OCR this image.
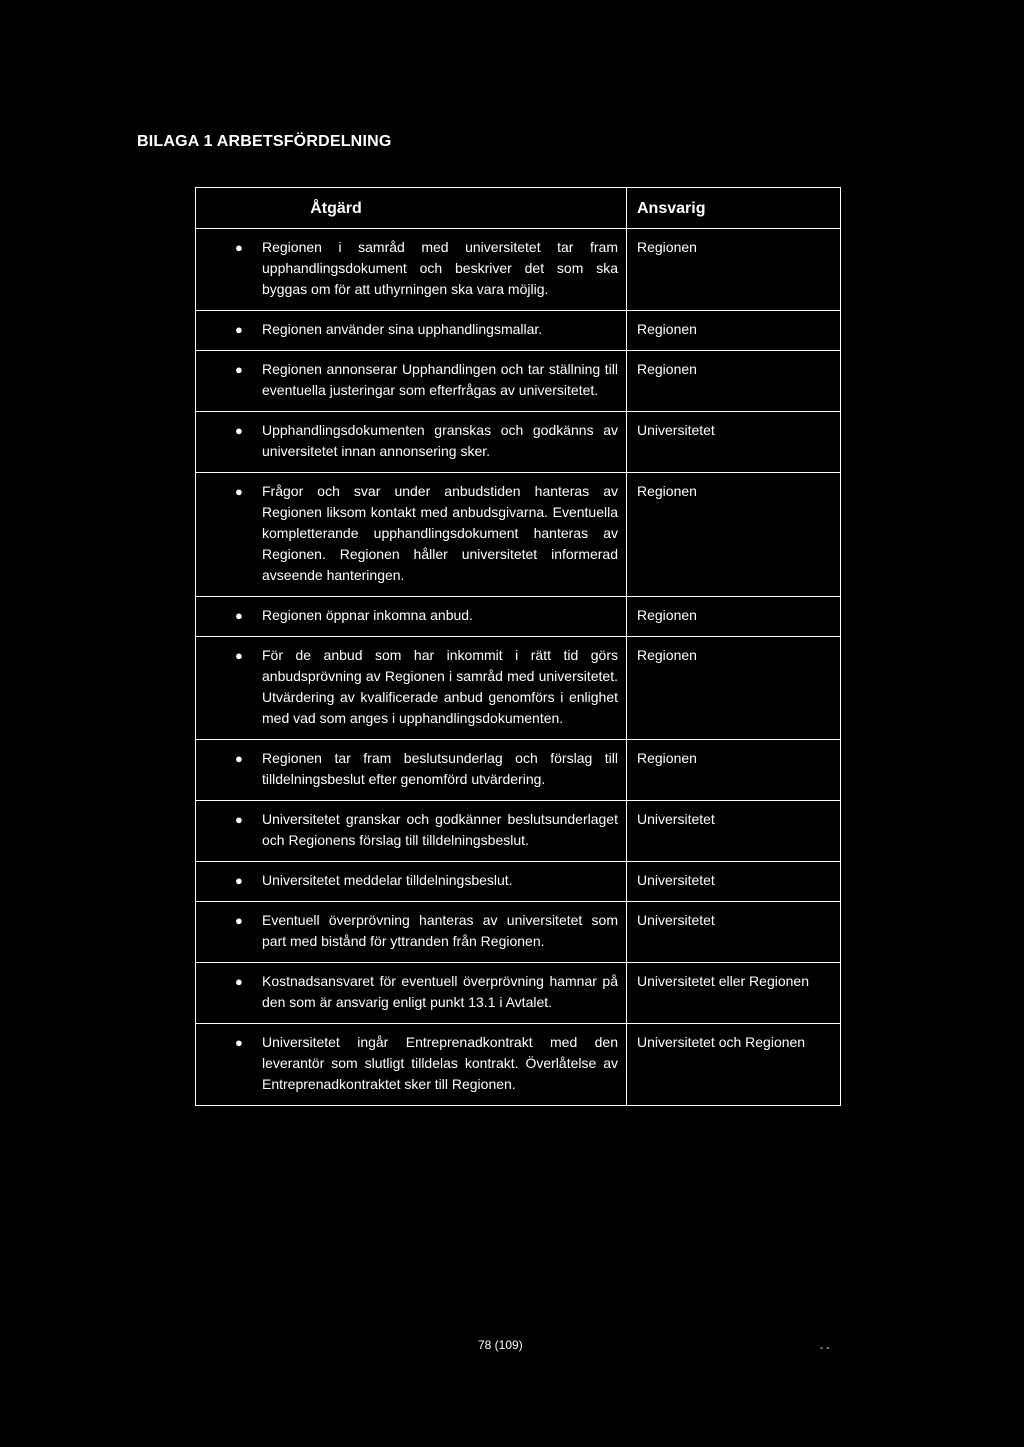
BILAGA 1 ARBETSFÖRDELNING
Åtgärd	Ansvarig

● Regionen i samråd med universitetet tar fram upphandlingsdokument och beskriver det som ska byggas om för att uthyrningen ska vara möjlig.	Regionen

● Regionen använder sina upphandlingsmallar.	Regionen

● Regionen annonserar Upphandlingen och tar ställning till eventuella justeringar som efterfrågas av universitetet.	Regionen

● Upphandlingsdokumenten granskas och godkänns av universitetet innan annonsering sker.	Universitetet

● Frågor och svar under anbudstiden hanteras av Regionen liksom kontakt med anbudsgivarna. Eventuella kompletterande upphandlingsdokument hanteras av Regionen. Regionen håller universitetet informerad avseende hanteringen.	Regionen

● Regionen öppnar inkomna anbud.	Regionen

● För de anbud som har inkommit i rätt tid görs anbudsprövning av Regionen i samråd med universitetet. Utvärdering av kvalificerade anbud genomförs i enlighet med vad som anges i upphandlingsdokumenten.	Regionen

● Regionen tar fram beslutsunderlag och förslag till tilldelningsbeslut efter genomförd utvärdering.	Regionen

● Universitetet granskar och godkänner beslutsunderlaget och Regionens förslag till tilldelningsbeslut.	Universitetet

● Universitetet meddelar tilldelningsbeslut.	Universitetet

● Eventuell överprövning hanteras av universitetet som part med bistånd för yttranden från Regionen.	Universitetet

● Kostnadsansvaret för eventuell överprövning hamnar på den som är ansvarig enligt punkt 13.1 i Avtalet.	Universitetet eller Regionen

● Universitetet ingår Entreprenadkontrakt med den leverantör som slutligt tilldelas kontrakt. Överlåtelse av Entreprenadkontraktet sker till Regionen.	Universitetet och Regionen
78 (109)	- -
